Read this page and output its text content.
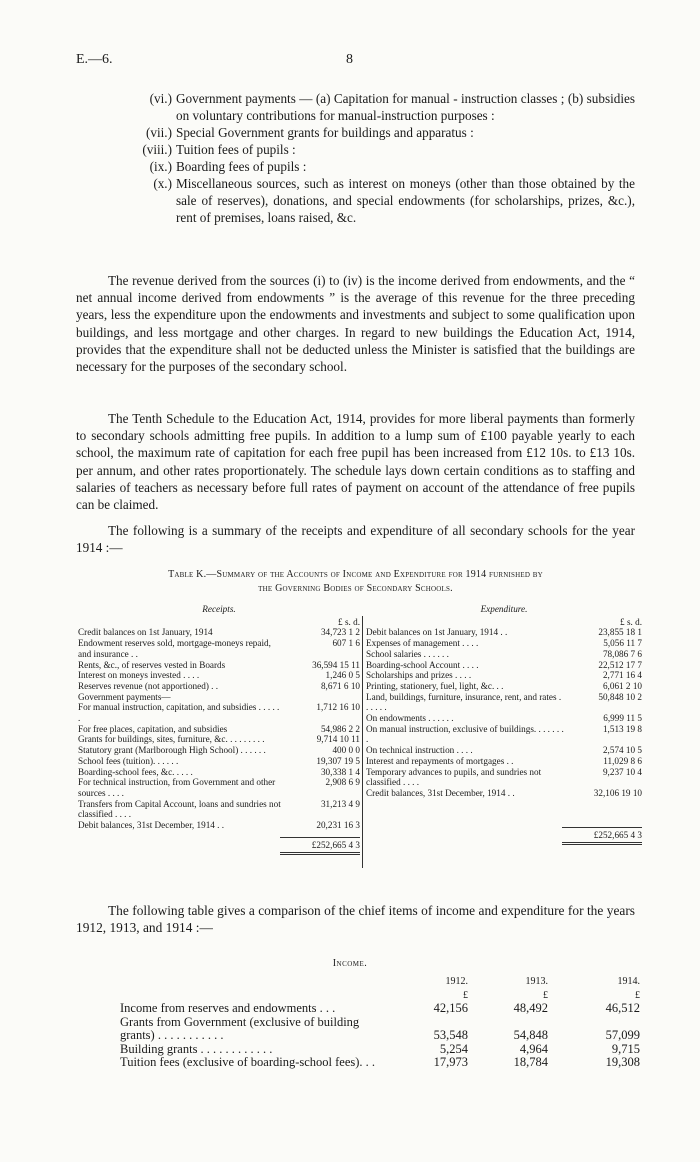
E.—6.	8
(vi.) Government payments — (a) Capitation for manual - instruction classes ; (b) subsidies on voluntary contributions for manual-instruction purposes :
(vii.) Special Government grants for buildings and apparatus :
(viii.) Tuition fees of pupils :
(ix.) Boarding fees of pupils :
(x.) Miscellaneous sources, such as interest on moneys (other than those obtained by the sale of reserves), donations, and special endowments (for scholarships, prizes, &c.), rent of premises, loans raised, &c.

The revenue derived from the sources (i) to (iv) is the income derived from endowments, and the “ net annual income derived from endowments ” is the average of this revenue for the three preceding years, less the expenditure upon the endowments and investments and subject to some qualification upon buildings, and less mortgage and other charges. In regard to new buildings the Education Act, 1914, provides that the expenditure shall not be deducted unless the Minister is satisfied that the buildings are necessary for the purposes of the secondary school.

The Tenth Schedule to the Education Act, 1914, provides for more liberal payments than formerly to secondary schools admitting free pupils. In addition to a lump sum of £100 payable yearly to each school, the maximum rate of capitation for each free pupil has been increased from £12 10s. to £13 10s. per annum, and other rates proportionately. The schedule lays down certain conditions as to staffing and salaries of teachers as necessary before full rates of payment on account of the attendance of free pupils can be claimed.

The following is a summary of the receipts and expenditure of all secondary schools for the year 1914 :—

Table K.—Summary of the Accounts of Income and Expenditure for 1914 furnished by
the Governing Bodies of Secondary Schools.
Receipts.
£ s. d.
Credit balances on 1st January, 1914	34,723 1 2
Endowment reserves sold, mortgage-moneys repaid, and insurance . .
607 1 6
Rents, &c., of reserves vested in Boards	36,594 15 11
Interest on moneys invested . . . .	1,246 0 5
Reserves revenue (not apportioned) . .	8,671 6 10
Government payments—
For manual instruction, capitation, and subsidies . . . . . .
1,712 16 10
For free places, capitation, and subsidies	54,986 2 2
Grants for buildings, sites, furniture, &c. . . . . . . . .	9,714 10 11
Statutory grant (Marlborough High School) . . . . . .	400 0 0
School fees (tuition). . . . . .	19,307 19 5
Boarding-school fees, &c. . . . .	30,338 1 4
For technical instruction, from Government and other sources . . . .
2,908 6 9
Transfers from Capital Account, loans and sundries not classified . . . .
31,213 4 9
Debit balances, 31st December, 1914 . .	20,231 16 3
£252,665 4 3
Expenditure.
£ s. d.
Debit balances on 1st January, 1914 . .	23,855 18 1
Expenses of management . . . .	5,056 11 7
School salaries . . . . . .	78,086 7 6
Boarding-school Account . . . .	22,512 17 7
Scholarships and prizes . . . .	2,771 16 4
Printing, stationery, fuel, light, &c. . .	6,061 2 10
Land, buildings, furniture, insurance, rent, and rates . . . . . .
50,848 10 2
On endowments . . . . . .	6,999 11 5
On manual instruction, exclusive of buildings. . . . . . . .
1,513 19 8
On technical instruction . . . .	2,574 10 5
Interest and repayments of mortgages . .	11,029 8 6
Temporary advances to pupils, and sundries not classified . . . .
9,237 10 4
Credit balances, 31st December, 1914 . .	32,106 19 10
£252,665 4 3

The following table gives a comparison of the chief items of income and expenditure for the years 1912, 1913, and 1914 :—

Income.
1912.	1913.	1914.
£	£	£
Income from reserves and endowments . . .	42,156	48,492	46,512
Grants from Government (exclusive of building grants) . . . . . . . . . . .	53,548	54,848	57,099
Building grants . . . . . . . . . . . .	5,254	4,964	9,715
Tuition fees (exclusive of boarding-school fees). . .	17,973	18,784	19,308
